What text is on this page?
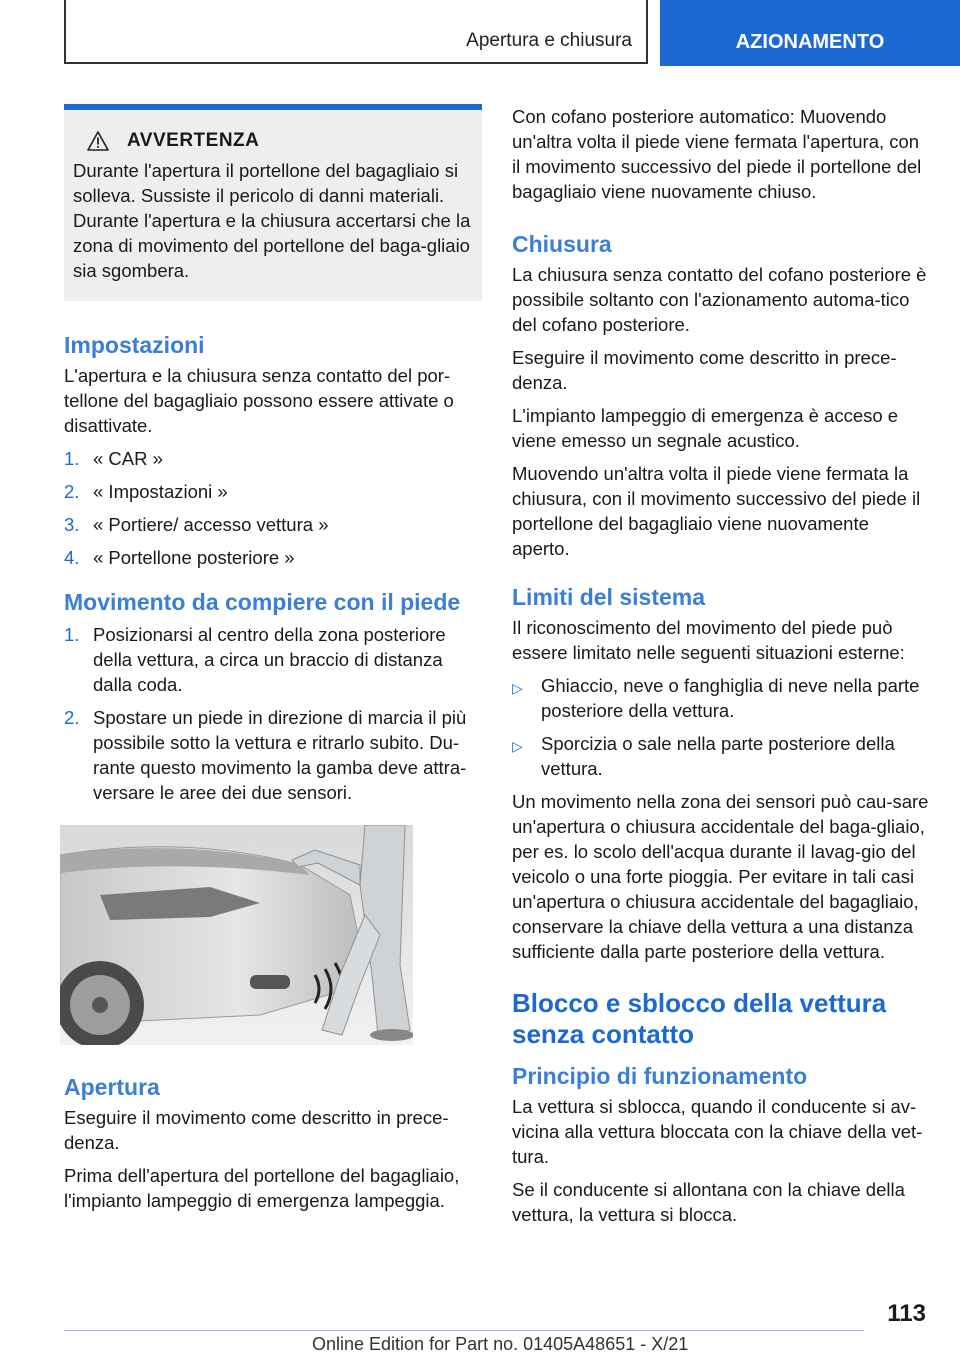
Apertura e chiusura	AZIONAMENTO
AVVERTENZA

Durante l'apertura il portellone del bagagliaio si solleva. Sussiste il pericolo di danni materiali. Durante l'apertura e la chiusura accertarsi che la zona di movimento del portellone del baga-gliaio sia sgombera.

Impostazioni

L'apertura e la chiusura senza contatto del por-tellone del bagagliaio possono essere attivate o disattivate.

1. « CAR »
2. « Impostazioni »
3. « Portiere/ accesso vettura »
4. « Portellone posteriore »
Movimento da compiere con il piede
1. Posizionarsi al centro della zona posteriore della vettura, a circa un braccio di distanza dalla coda.
2. Spostare un piede in direzione di marcia il più possibile sotto la vettura e ritrarlo subito. Du-rante questo movimento la gamba deve attra-versare le aree dei due sensori.
Apertura

Eseguire il movimento come descritto in prece-denza.

Prima dell'apertura del portellone del bagagliaio, l'impianto lampeggio di emergenza lampeggia.

Con cofano posteriore automatico: Muovendo un'altra volta il piede viene fermata l'apertura, con il movimento successivo del piede il portellone del bagagliaio viene nuovamente chiuso.

Chiusura

La chiusura senza contatto del cofano posteriore è possibile soltanto con l'azionamento automa-tico del cofano posteriore.

Eseguire il movimento come descritto in prece-denza.

L'impianto lampeggio di emergenza è acceso e viene emesso un segnale acustico.

Muovendo un'altra volta il piede viene fermata la chiusura, con il movimento successivo del piede il portellone del bagagliaio viene nuovamente aperto.

Limiti del sistema

Il riconoscimento del movimento del piede può essere limitato nelle seguenti situazioni esterne:

▷ Ghiaccio, neve o fanghiglia di neve nella parte posteriore della vettura.
▷ Sporcizia o sale nella parte posteriore della vettura.

Un movimento nella zona dei sensori può cau-sare un'apertura o chiusura accidentale del baga-gliaio, per es. lo scolo dell'acqua durante il lavag-gio del veicolo o una forte pioggia. Per evitare in tali casi un'apertura o chiusura accidentale del bagagliaio, conservare la chiave della vettura a una distanza sufficiente dalla parte posteriore della vettura.

Blocco e sblocco della vettura senza contatto
Principio di funzionamento

La vettura si sblocca, quando il conducente si av-vicina alla vettura bloccata con la chiave della vet-tura.

Se il conducente si allontana con la chiave della vettura, la vettura si blocca.

113
Online Edition for Part no. 01405A48651 - X/21
